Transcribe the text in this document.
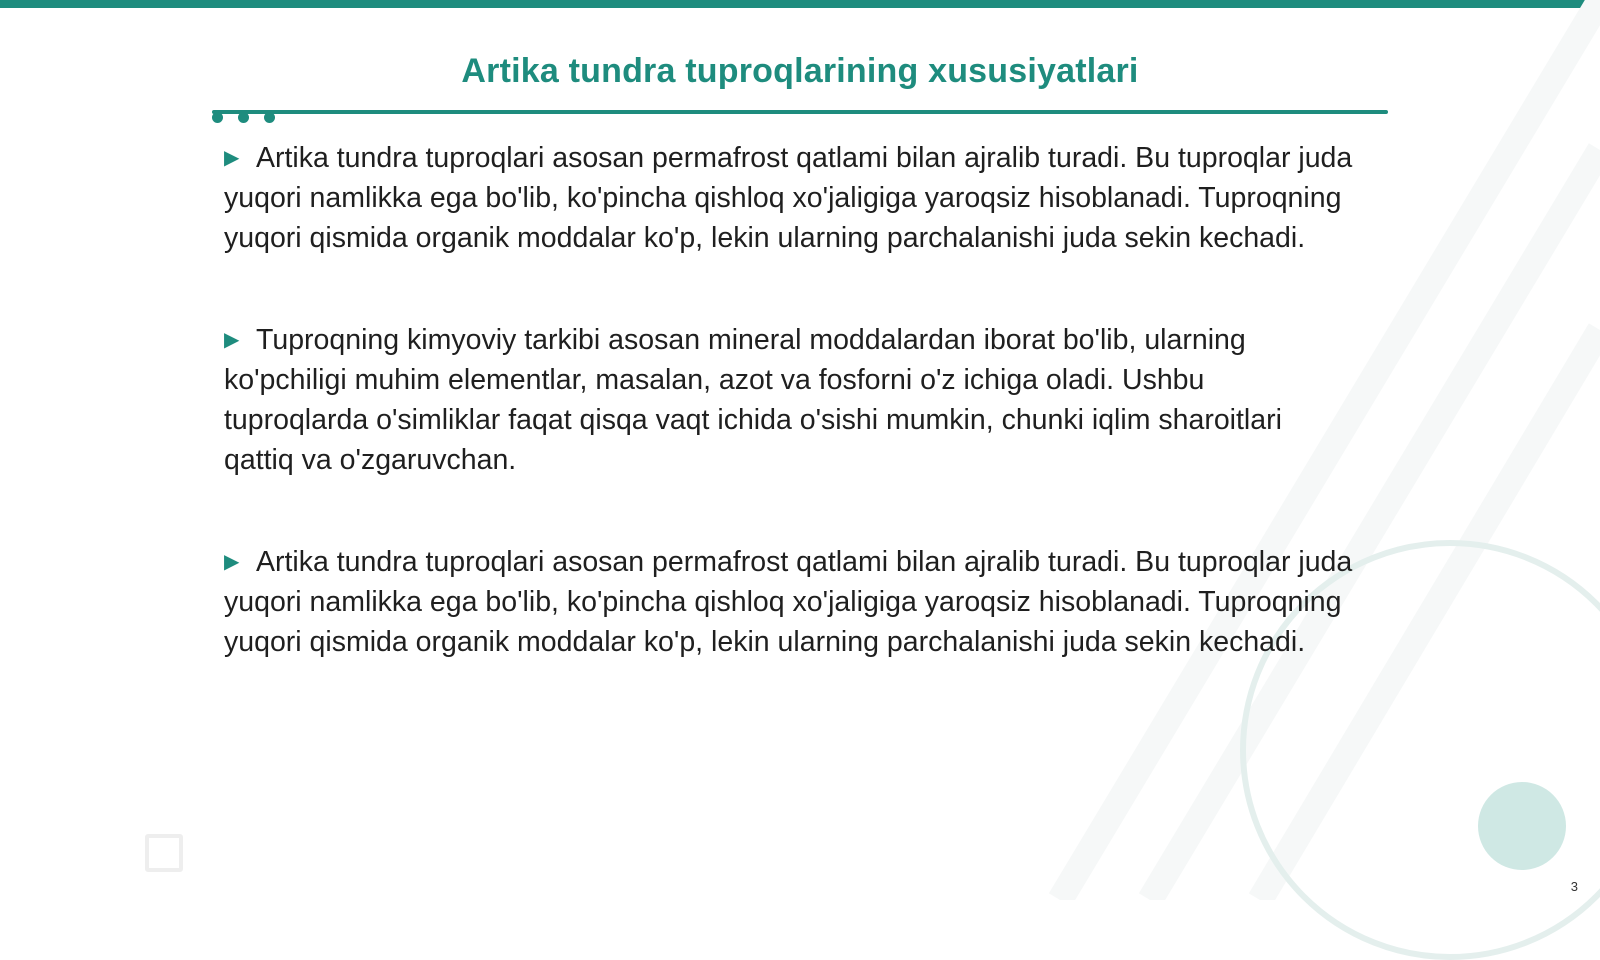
Artika tundra tuproqlarining xususiyatlari

▶ Artika tundra tuproqlari asosan permafrost qatlami bilan ajralib turadi. Bu tuproqlar juda yuqori namlikka ega bo'lib, ko'pincha qishloq xo'jaligiga yaroqsiz hisoblanadi. Tuproqning yuqori qismida organik moddalar ko'p, lekin ularning parchalanishi juda sekin kechadi.

▶ Tuproqning kimyoviy tarkibi asosan mineral moddalardan iborat bo'lib, ularning ko'pchiligi muhim elementlar, masalan, azot va fosforni o'z ichiga oladi. Ushbu tuproqlarda o'simliklar faqat qisqa vaqt ichida o'sishi mumkin, chunki iqlim sharoitlari qattiq va o'zgaruvchan.

▶ Artika tundra tuproqlari asosan permafrost qatlami bilan ajralib turadi. Bu tuproqlar juda yuqori namlikka ega bo'lib, ko'pincha qishloq xo'jaligiga yaroqsiz hisoblanadi. Tuproqning yuqori qismida organik moddalar ko'p, lekin ularning parchalanishi juda sekin kechadi.

3
